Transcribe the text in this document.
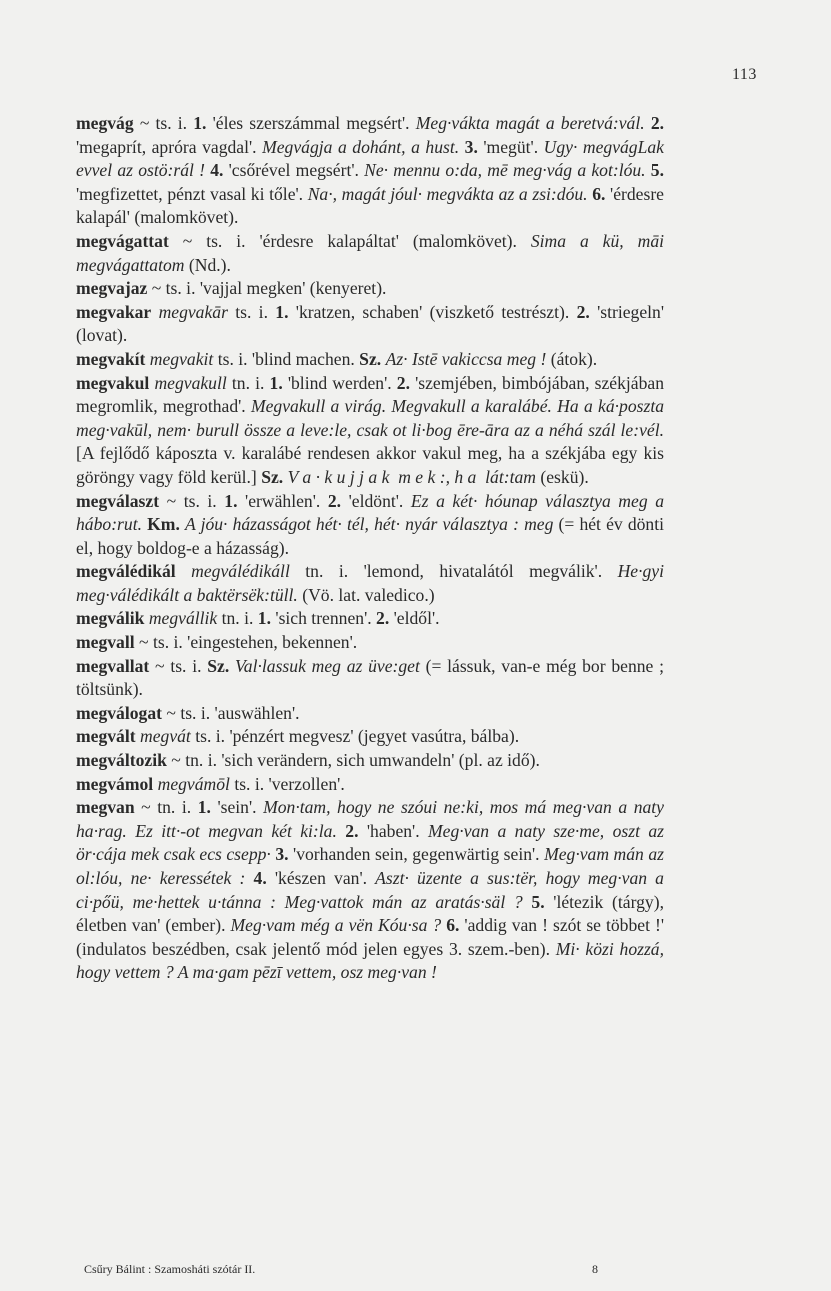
113

megvág ~ ts. i. 1. 'éles szerszámmal megsért'. Meg·vákta magát a beretvá:vál. 2. 'megaprít, apróra vagdal'. Megvágja a dohánt, a hust. 3. 'megüt'. Ugy· megvágLak evvel az ostö:rál ! 4. 'csőrével megsért'. Ne· mennu o:da, mē meg·vág a kot:lóu. 5. 'megfizettet, pénzt vasal ki tőle'. Na·, magát jóul· megvákta az a zsi:dóu. 6. 'érdesre kalapál' (malomkövet).

megvágattat ~ ts. i. 'érdesre kalapáltat' (malomkövet). Sima a kü, māi megvágattatom (Nd.).

megvajaz ~ ts. i. 'vajjal megken' (kenyeret).

megvakar megvakār ts. i. 1. 'kratzen, schaben' (viszkető testrészt). 2. 'striegeln' (lovat).

megvakít megvakit ts. i. 'blind machen. Sz. Az· Istē vakiccsa meg ! (átok).

megvakul megvakull tn. i. 1. 'blind werden'. 2. 'szemjében, bimbójában, székjában megromlik, megrothad'. Megvakull a virág. Megvakull a karalábé. Ha a ká·poszta meg·vakūl, nem· burull össze a leve:le, csak ot li·bog ēre-āra az a néhá szál le:vél. [A fejlődő káposzta v. karalábé rendesen akkor vakul meg, ha a székjába egy kis göröngy vagy föld kerül.] Sz. V a · k u j j a k  m e k :, h a  lát:tam (eskü).

megválaszt ~ ts. i. 1. 'erwählen'. 2. 'eldönt'. Ez a két· hóunap választya meg a hábo:rut. Km. A jóu· házasságot hét· tél, hét· nyár választya : meg (= hét év dönti el, hogy boldog-e a házasság).

megválédikál megválédikáll tn. i. 'lemond, hivatalától megválik'. He·gyi meg·válédikált a baktërsëk:tüll. (Vö. lat. valedico.)

megválik megvállik tn. i. 1. 'sich trennen'. 2. 'eldől'.

megvall ~ ts. i. 'eingestehen, bekennen'.

megvallat ~ ts. i. Sz. Val·lassuk meg az üve:get (= lássuk, van-e még bor benne ; töltsünk).

megválogat ~ ts. i. 'auswählen'.

megvált megvát ts. i. 'pénzért megvesz' (jegyet vasútra, bálba).

megváltozik ~ tn. i. 'sich verändern, sich umwandeln' (pl. az idő).

megvámol megvámōl ts. i. 'verzollen'.

megvan ~ tn. i. 1. 'sein'. Mon·tam, hogy ne szóui ne:ki, mos má meg·van a naty ha·rag. Ez itt·-ot megvan két ki:la. 2. 'haben'. Meg·van a naty sze·me, oszt az ör·cája mek csak ecs csepp· 3. 'vorhanden sein, gegenwärtig sein'. Meg·vam mán az ol:lóu, ne· keressétek : 4. 'készen van'. Aszt· üzente a sus:tër, hogy meg·van a ci·pőü, me·hettek u·tánna : Meg·vattok mán az aratás·säl ? 5. 'létezik (tárgy), életben van' (ember). Meg·vam még a vën Kóu·sa ? 6. 'addig van ! szót se többet !' (indulatos beszédben, csak jelentő mód jelen egyes 3. szem.-ben). Mi· közi hozzá, hogy vettem ? A ma·gam pēzī vettem, osz meg·van !

Csűry Bálint : Szamosháti szótár II.	8
